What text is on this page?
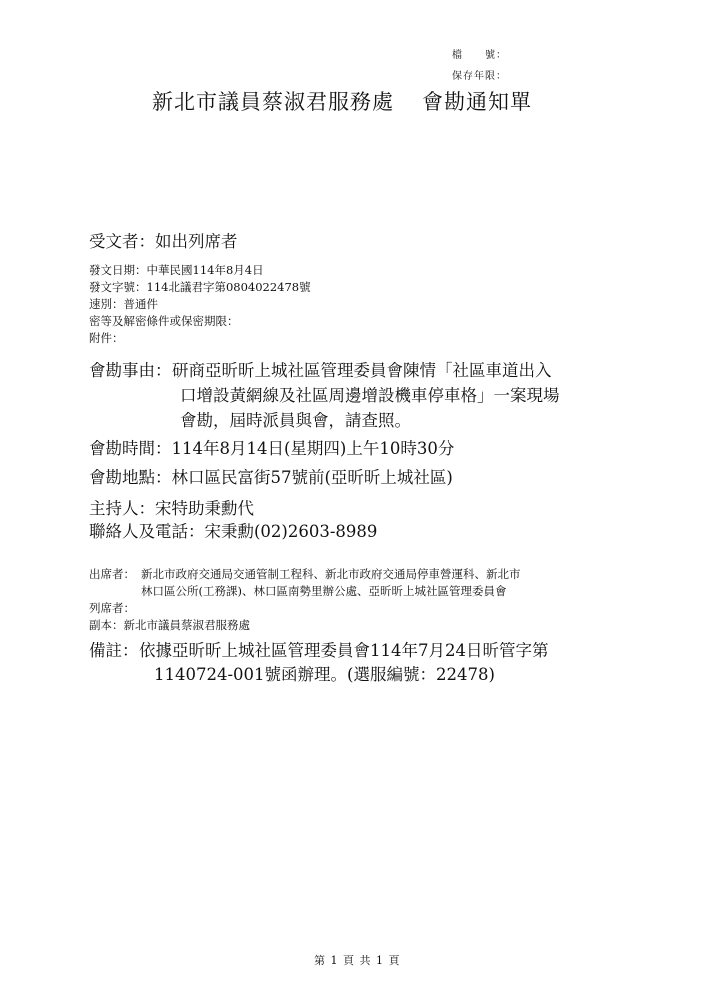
檔　　號：
保存年限：
新北市議員蔡淑君服務處 會勘通知單
受文者：如出列席者
發文日期：中華民國114年8月4日
發文字號：114北議君字第0804022478號
速別：普通件
密等及解密條件或保密期限：
附件：
會勘事由： 研商亞昕昕上城社區管理委員會陳情「社區車道出入
口增設黃網線及社區周邊增設機車停車格」一案現場
會勘，屆時派員與會，請查照。
會勘時間：114年8月14日(星期四)上午10時30分
會勘地點：林口區民富街57號前(亞昕昕上城社區)
主持人：宋特助秉勳代
聯絡人及電話：宋秉勳(02)2603-8989
出席者： 新北市政府交通局交通管制工程科、新北市政府交通局停車營運科、新北市
林口區公所(工務課)、林口區南勢里辦公處、亞昕昕上城社區管理委員會
列席者：
副本：新北市議員蔡淑君服務處
備註： 依據亞昕昕上城社區管理委員會114年7月24日昕管字第
1140724-001號函辦理。(選服編號：22478)
第 1 頁 共 1 頁
